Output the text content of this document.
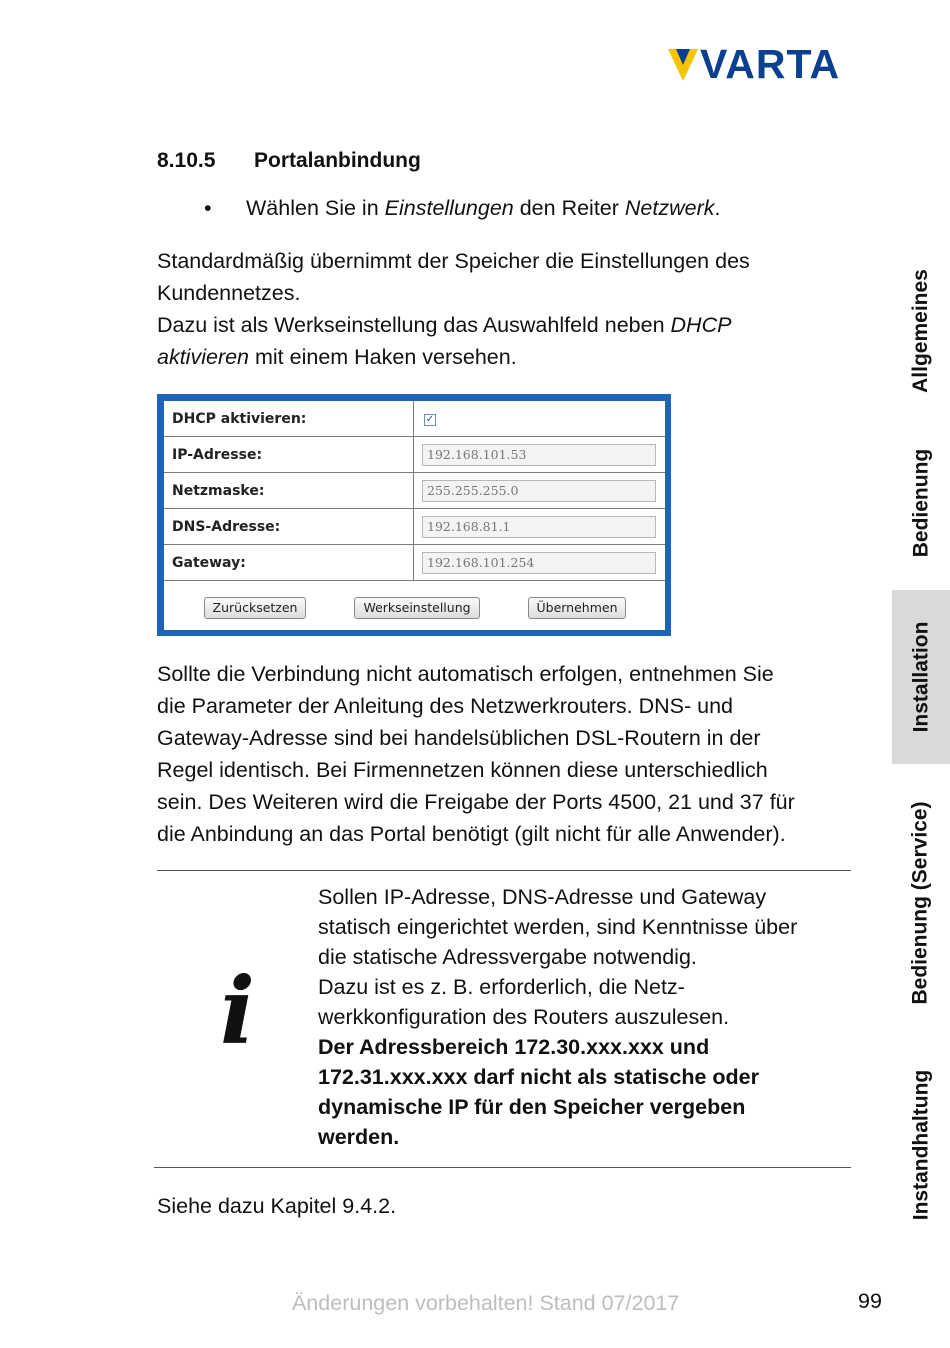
VARTA
8.10.5 Portalanbindung
• Wählen Sie in Einstellungen den Reiter Netzwerk.
Standardmäßig übernimmt der Speicher die Einstellungen des
Kundennetzes.
Dazu ist als Werkseinstellung das Auswahlfeld neben DHCP
aktivieren mit einem Haken versehen.
DHCP aktivieren:	✓
IP-Adresse:	192.168.101.53
Netzmaske:	255.255.255.0
DNS-Adresse:	192.168.81.1
Gateway:	192.168.101.254
Zurücksetzen	Werkseinstellung	Übernehmen
Sollte die Verbindung nicht automatisch erfolgen, entnehmen Sie
die Parameter der Anleitung des Netzwerkrouters. DNS- und
Gateway-Adresse sind bei handelsüblichen DSL-Routern in der
Regel identisch. Bei Firmennetzen können diese unterschiedlich
sein. Des Weiteren wird die Freigabe der Ports 4500, 21 und 37 für
die Anbindung an das Portal benötigt (gilt nicht für alle Anwender).
i
Sollen IP-Adresse, DNS-Adresse und Gateway
statisch eingerichtet werden, sind Kenntnisse über
die statische Adressvergabe notwendig.
Dazu ist es z. B. erforderlich, die Netz-
werkkonfiguration des Routers auszulesen.
Der Adressbereich 172.30.xxx.xxx und
172.31.xxx.xxx darf nicht als statische oder
dynamische IP für den Speicher vergeben
werden.
Siehe dazu Kapitel 9.4.2.
Allgemeines
Bedienung
Installation
Bedienung (Service)
Instandhaltung
Änderungen vorbehalten! Stand 07/2017	99
